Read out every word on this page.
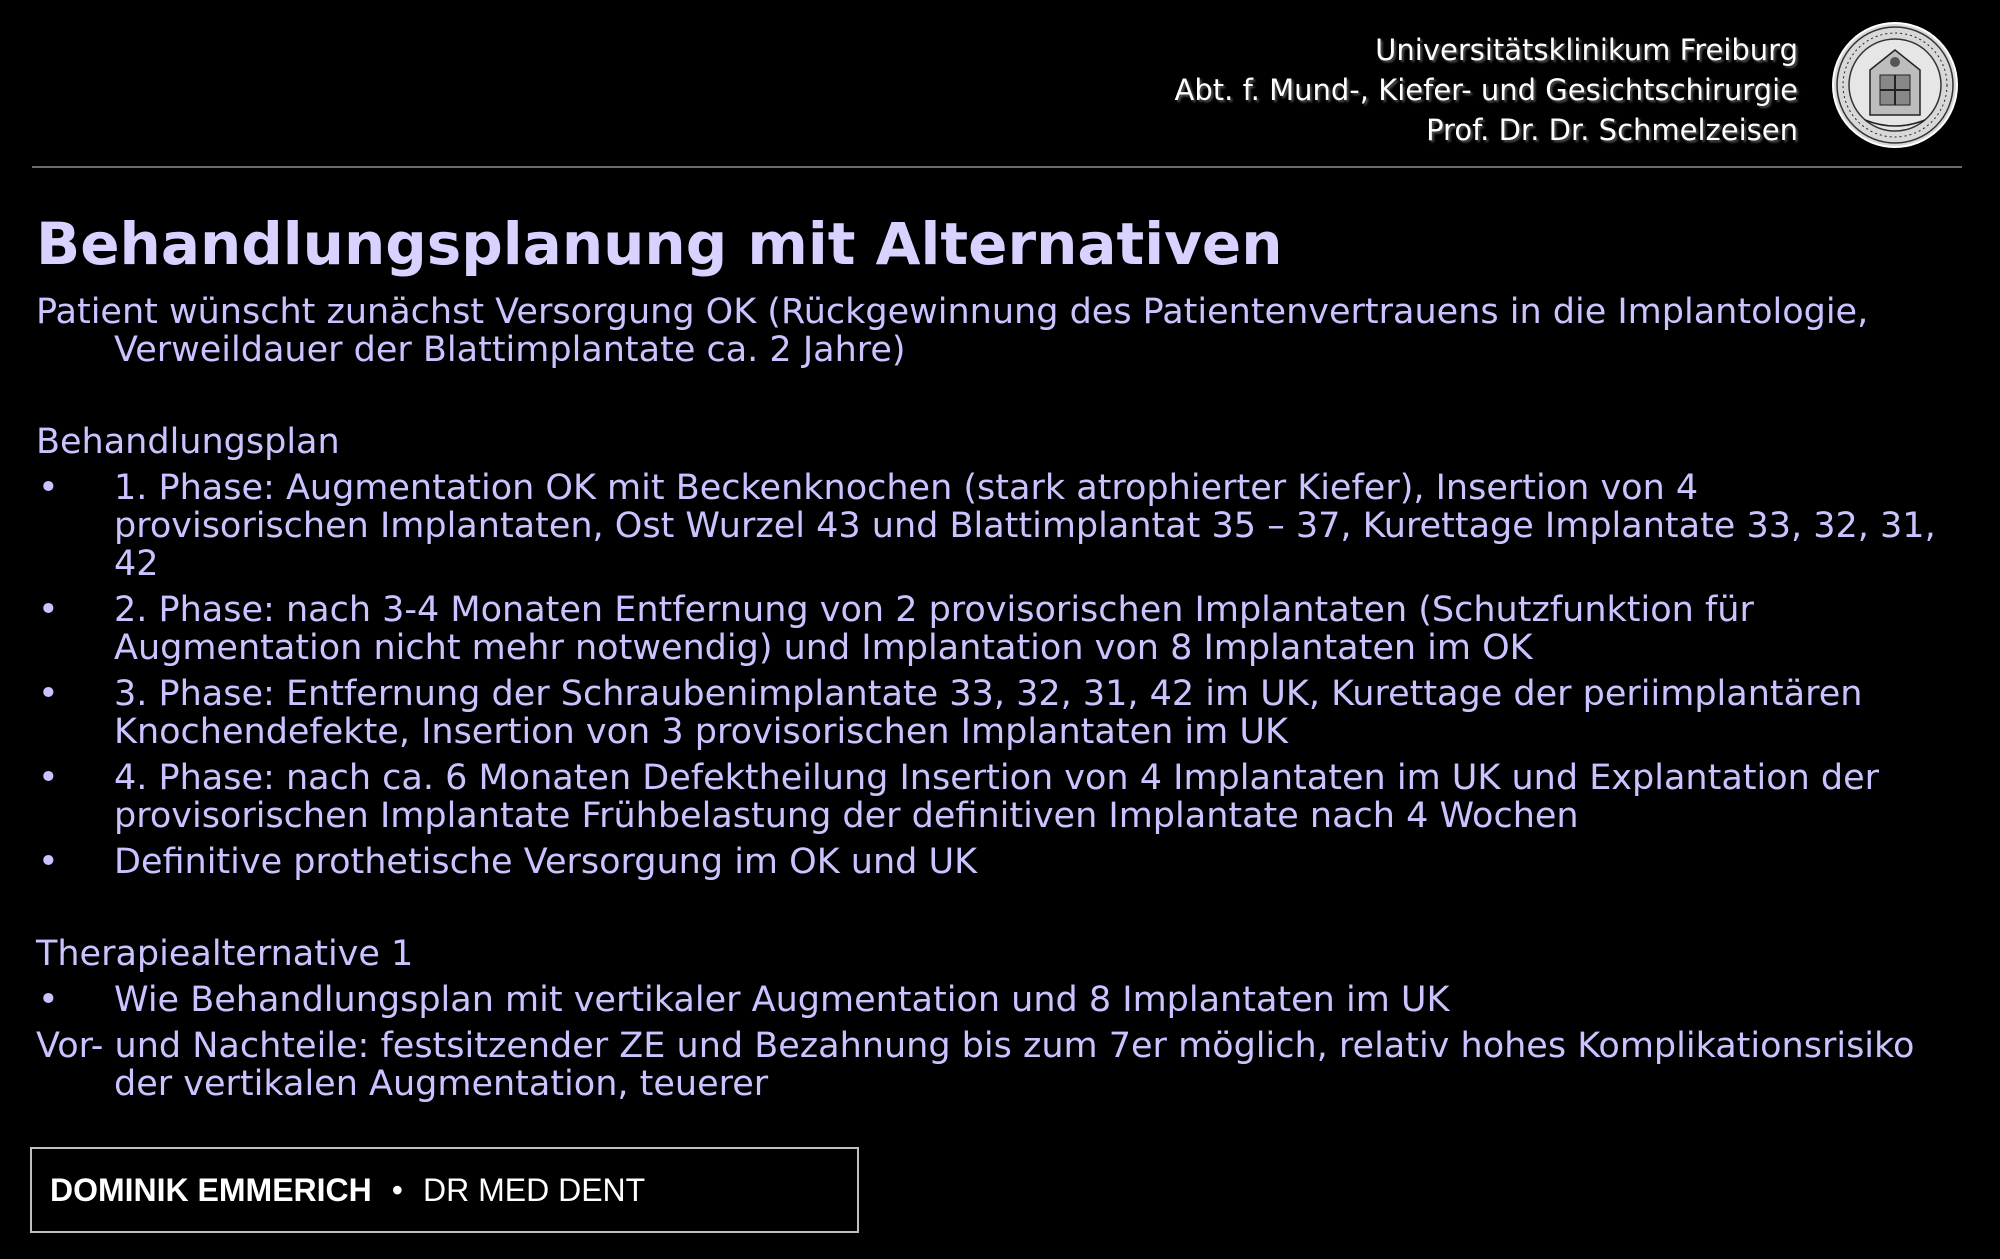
Universitätsklinikum Freiburg
Abt. f. Mund-, Kiefer- und Gesichtschirurgie
Prof. Dr. Dr. Schmelzeisen
Behandlungsplanung mit Alternativen
Patient wünscht zunächst Versorgung OK (Rückgewinnung des Patientenvertrauens in die Implantologie, Verweildauer der Blattimplantate ca. 2 Jahre)
Behandlungsplan
• 1. Phase: Augmentation OK mit Beckenknochen (stark atrophierter Kiefer), Insertion von 4 provisorischen Implantaten, Ost Wurzel 43 und Blattimplantat 35 – 37, Kurettage Implantate 33, 32, 31, 42
• 2. Phase: nach 3-4 Monaten Entfernung von 2 provisorischen Implantaten (Schutzfunktion für Augmentation nicht mehr notwendig) und Implantation von 8 Implantaten im OK
• 3. Phase: Entfernung der Schraubenimplantate 33, 32, 31, 42 im UK, Kurettage der periimplantären Knochendefekte, Insertion von 3 provisorischen Implantaten im UK
• 4. Phase: nach ca. 6 Monaten Defektheilung Insertion von 4 Implantaten im UK und Explantation der provisorischen Implantate Frühbelastung der definitiven Implantate nach 4 Wochen
• Definitive prothetische Versorgung im OK und UK
Therapiealternative 1
• Wie Behandlungsplan mit vertikaler Augmentation und 8 Implantaten im UK
Vor- und Nachteile: festsitzender ZE und Bezahnung bis zum 7er möglich, relativ hohes Komplikationsrisiko der vertikalen Augmentation, teuerer
DOMINIK EMMERICH • DR MED DENT
